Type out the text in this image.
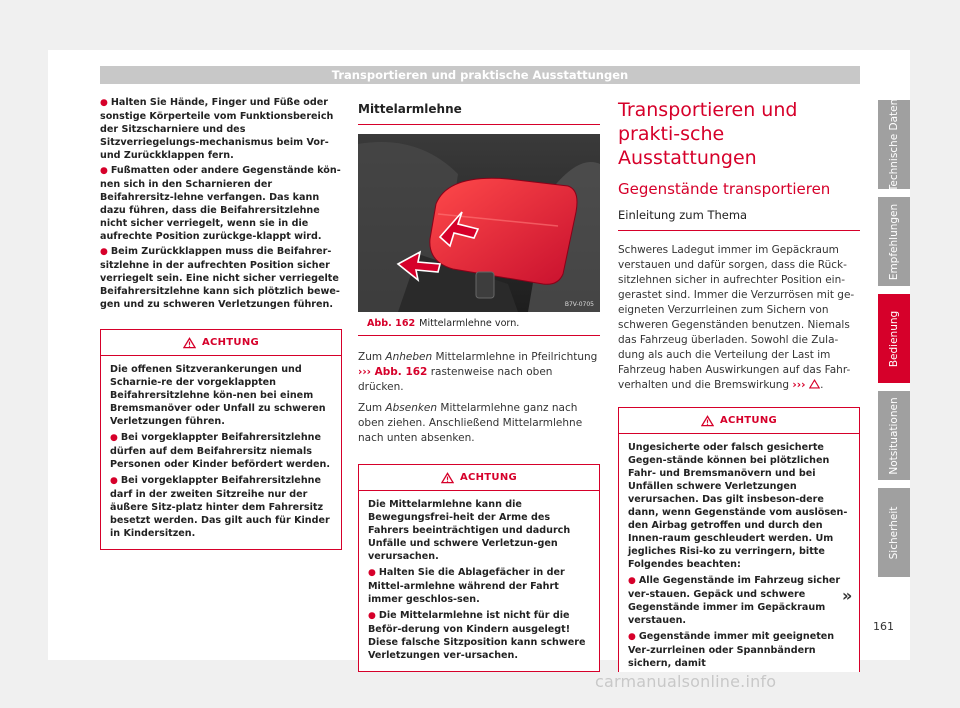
Transportieren und praktische Ausstattungen
● Halten Sie Hände, Finger und Füße oder sonstige Körperteile vom Funktionsbereich der Sitzscharniere und des Sitzverriegelungs-mechanismus beim Vor- und Zurückklappen fern.
● Fußmatten oder andere Gegenstände kön-nen sich in den Scharnieren der Beifahrersitz-lehne verfangen. Das kann dazu führen, dass die Beifahrersitzlehne nicht sicher verriegelt, wenn sie in die aufrechte Position zurückge-klappt wird.
● Beim Zurückklappen muss die Beifahrer-sitzlehne in der aufrechten Position sicher verriegelt sein. Eine nicht sicher verriegelte Beifahrersitzlehne kann sich plötzlich bewe-gen und zu schweren Verletzungen führen.
ACHTUNG

Die offenen Sitzverankerungen und Scharnie-re der vorgeklappten Beifahrersitzlehne kön-nen bei einem Bremsmanöver oder Unfall zu schweren Verletzungen führen.

● Bei vorgeklappter Beifahrersitzlehne dürfen auf dem Beifahrersitz niemals Personen oder Kinder befördert werden.
● Bei vorgeklappter Beifahrersitzlehne darf in der zweiten Sitzreihe nur der äußere Sitz-platz hinter dem Fahrersitz besetzt werden. Das gilt auch für Kinder in Kindersitzen.
Mittelarmlehne
B7V-0705
Abb. 162 Mittelarmlehne vorn.

Zum Anheben Mittelarmlehne in Pfeilrichtung ››› Abb. 162 rastenweise nach oben drücken.

Zum Absenken Mittelarmlehne ganz nach oben ziehen. Anschließend Mittelarmlehne nach unten absenken.

ACHTUNG

Die Mittelarmlehne kann die Bewegungsfrei-heit der Arme des Fahrers beeinträchtigen und dadurch Unfälle und schwere Verletzun-gen verursachen.

● Halten Sie die Ablagefächer in der Mittel-armlehne während der Fahrt immer geschlos-sen.
● Die Mittelarmlehne ist nicht für die Beför-derung von Kindern ausgelegt! Diese falsche Sitzposition kann schwere Verletzungen ver-ursachen.
Transportieren und prakti-sche Ausstattungen
Gegenstände transportieren
Einleitung zum Thema

Schweres Ladegut immer im Gepäckraum verstauen und dafür sorgen, dass die Rück-sitzlehnen sicher in aufrechter Position ein-gerastet sind. Immer die Verzurrösen mit ge-eigneten Verzurrleinen zum Sichern von schweren Gegenständen benutzen. Niemals das Fahrzeug überladen. Sowohl die Zula-dung als auch die Verteilung der Last im Fahrzeug haben Auswirkungen auf das Fahr-verhalten und die Bremswirkung ››› .

ACHTUNG

Ungesicherte oder falsch gesicherte Gegen-stände können bei plötzlichen Fahr- und Bremsmanövern und bei Unfällen schwere Verletzungen verursachen. Das gilt insbeson-dere dann, wenn Gegenstände vom auslösen-den Airbag getroffen und durch den Innen-raum geschleudert werden. Um jegliches Risi-ko zu verringern, bitte Folgendes beachten:

● Alle Gegenstände im Fahrzeug sicher ver-stauen. Gepäck und schwere Gegenstände immer im Gepäckraum verstauen.
● Gegenstände immer mit geeigneten Ver-zurrleinen oder Spannbändern sichern, damit
»
Technische Daten
Empfehlungen
Bedienung
Notsituationen
Sicherheit
161
carmanualsonline.info
